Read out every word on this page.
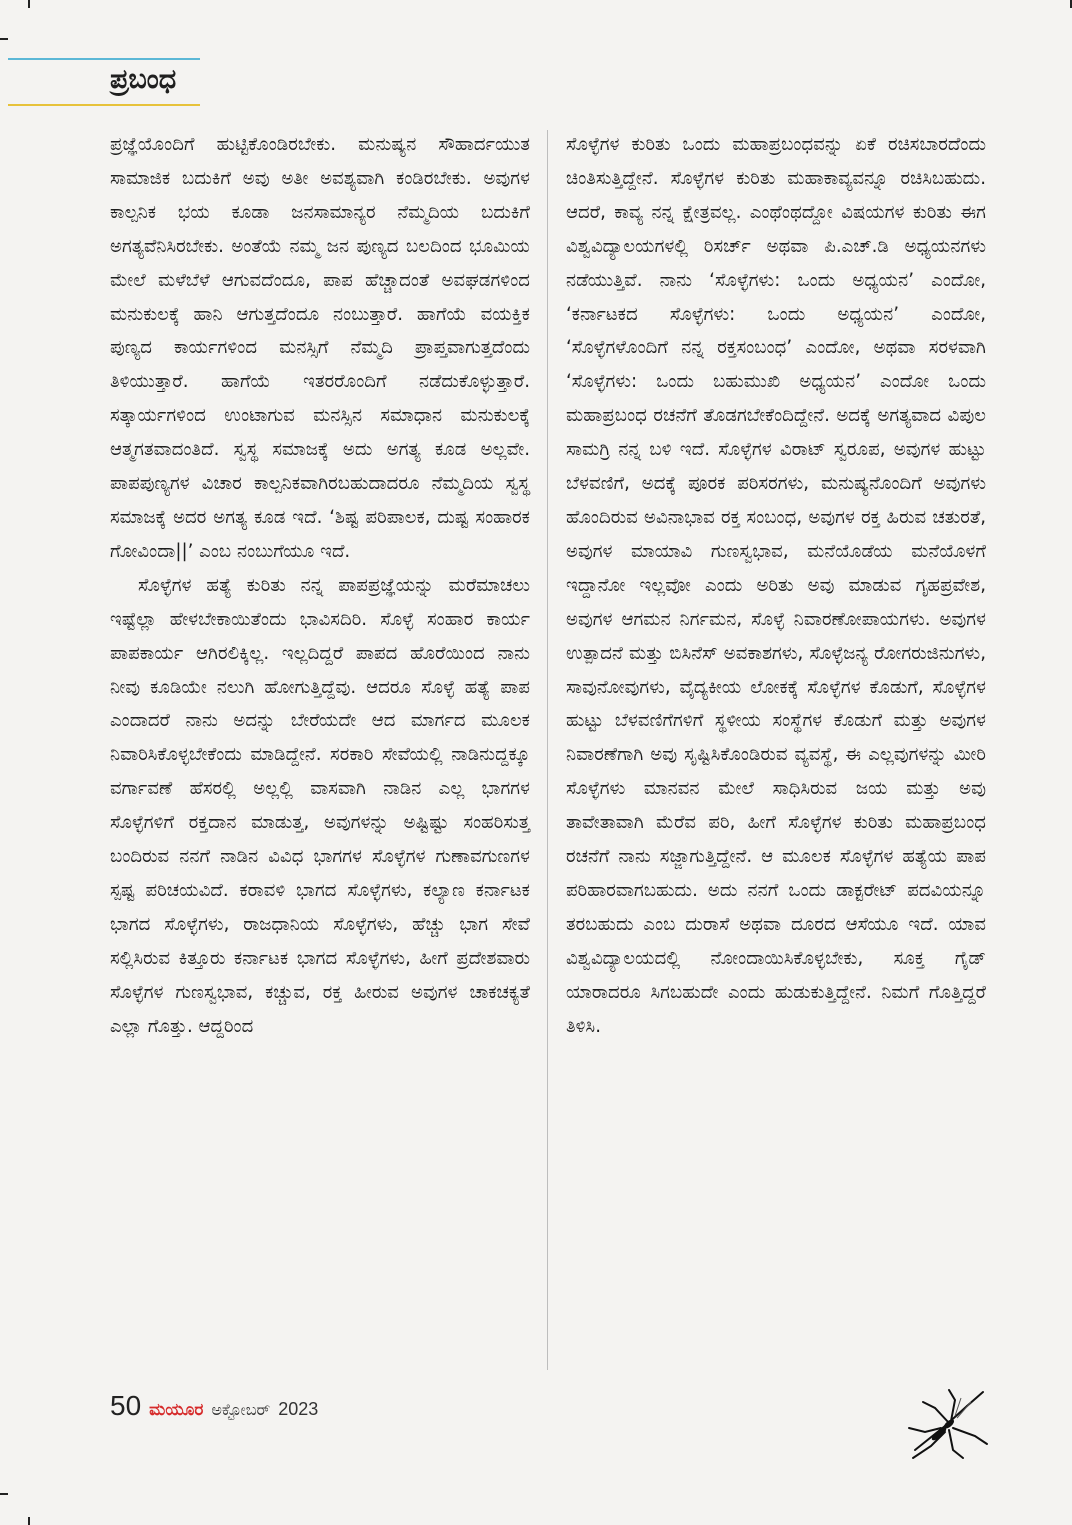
ಪ್ರಬಂಧ

ಪ್ರಜ್ಞೆಯೊಂದಿಗೆ ಹುಟ್ಟಿಕೊಂಡಿರಬೇಕು. ಮನುಷ್ಯನ ಸೌಹಾರ್ದಯುತ ಸಾಮಾಜಿಕ ಬದುಕಿಗೆ ಅವು ಅತೀ ಅವಶ್ಯವಾಗಿ ಕಂಡಿರಬೇಕು. ಅವುಗಳ ಕಾಲ್ಪನಿಕ ಭಯ ಕೂಡಾ ಜನಸಾಮಾನ್ಯರ ನೆಮ್ಮದಿಯ ಬದುಕಿಗೆ ಅಗತ್ಯವೆನಿಸಿರಬೇಕು. ಅಂತೆಯೆ ನಮ್ಮ ಜನ ಪುಣ್ಯದ ಬಲದಿಂದ ಭೂಮಿಯ ಮೇಲೆ ಮಳೆಬೆಳೆ ಆಗುವದೆಂದೂ, ಪಾಪ ಹೆಚ್ಚಾದಂತೆ ಅವಘಡಗಳಿಂದ ಮನುಕುಲಕ್ಕೆ ಹಾನಿ ಆಗುತ್ತದೆಂದೂ ನಂಬುತ್ತಾರೆ. ಹಾಗೆಯೆ ವಯಕ್ತಿಕ ಪುಣ್ಯದ ಕಾರ್ಯಗಳಿಂದ ಮನಸ್ಸಿಗೆ ನೆಮ್ಮದಿ ಪ್ರಾಪ್ತವಾಗುತ್ತದೆಂದು ತಿಳಿಯುತ್ತಾರೆ. ಹಾಗೆಯೆ ಇತರರೊಂದಿಗೆ ನಡೆದುಕೊಳ್ಳುತ್ತಾರೆ. ಸತ್ಕಾರ್ಯಗಳಿಂದ ಉಂಟಾಗುವ ಮನಸ್ಸಿನ ಸಮಾಧಾನ ಮನುಕುಲಕ್ಕೆ ಆತ್ಮಗತವಾದಂತಿದೆ. ಸ್ವಸ್ಥ ಸಮಾಜಕ್ಕೆ ಅದು ಅಗತ್ಯ ಕೂಡ ಅಲ್ಲವೇ. ಪಾಪಪುಣ್ಯಗಳ ವಿಚಾರ ಕಾಲ್ಪನಿಕವಾಗಿರಬಹುದಾದರೂ ನೆಮ್ಮದಿಯ ಸ್ವಸ್ಥ ಸಮಾಜಕ್ಕೆ ಅದರ ಅಗತ್ಯ ಕೂಡ ಇದೆ. ‘ಶಿಷ್ಟ ಪರಿಪಾಲಕ, ದುಷ್ಟ ಸಂಹಾರಕ ಗೋವಿಂದಾ||’ ಎಂಬ ನಂಬುಗೆಯೂ ಇದೆ.

ಸೊಳ್ಳೆಗಳ ಹತ್ಯೆ ಕುರಿತು ನನ್ನ ಪಾಪಪ್ರಜ್ಞೆಯನ್ನು ಮರೆಮಾಚಲು ಇಷ್ಟೆಲ್ಲಾ ಹೇಳಬೇಕಾಯಿತೆಂದು ಭಾವಿಸದಿರಿ. ಸೊಳ್ಳೆ ಸಂಹಾರ ಕಾರ್ಯ ಪಾಪಕಾರ್ಯ ಆಗಿರಲಿಕ್ಕಿಲ್ಲ. ಇಲ್ಲದಿದ್ದರೆ ಪಾಪದ ಹೊರೆಯಿಂದ ನಾನು ನೀವು ಕೂಡಿಯೇ ನಲುಗಿ ಹೋಗುತ್ತಿದ್ದೆವು. ಆದರೂ ಸೊಳ್ಳೆ ಹತ್ಯೆ ಪಾಪ ಎಂದಾದರೆ ನಾನು ಅದನ್ನು ಬೇರೆಯದೇ ಆದ ಮಾರ್ಗದ ಮೂಲಕ ನಿವಾರಿಸಿಕೊಳ್ಳಬೇಕೆಂದು ಮಾಡಿದ್ದೇನೆ. ಸರಕಾರಿ ಸೇವೆಯಲ್ಲಿ ನಾಡಿನುದ್ದಕ್ಕೂ ವರ್ಗಾವಣೆ ಹೆಸರಲ್ಲಿ ಅಲ್ಲಲ್ಲಿ ವಾಸವಾಗಿ ನಾಡಿನ ಎಲ್ಲ ಭಾಗಗಳ ಸೊಳ್ಳೆಗಳಿಗೆ ರಕ್ತದಾನ ಮಾಡುತ್ತ, ಅವುಗಳನ್ನು ಅಷ್ಟಿಷ್ಟು ಸಂಹರಿಸುತ್ತ ಬಂದಿರುವ ನನಗೆ ನಾಡಿನ ವಿವಿಧ ಭಾಗಗಳ ಸೊಳ್ಳೆಗಳ ಗುಣಾವಗುಣಗಳ ಸ್ಪಷ್ಟ ಪರಿಚಯವಿದೆ. ಕರಾವಳಿ ಭಾಗದ ಸೊಳ್ಳೆಗಳು, ಕಲ್ಯಾಣ ಕರ್ನಾಟಕ ಭಾಗದ ಸೊಳ್ಳೆಗಳು, ರಾಜಧಾನಿಯ ಸೊಳ್ಳೆಗಳು, ಹೆಚ್ಚು ಭಾಗ ಸೇವೆ ಸಲ್ಲಿಸಿರುವ ಕಿತ್ತೂರು ಕರ್ನಾಟಕ ಭಾಗದ ಸೊಳ್ಳೆಗಳು, ಹೀಗೆ ಪ್ರದೇಶವಾರು ಸೊಳ್ಳೆಗಳ ಗುಣಸ್ವಭಾವ, ಕಚ್ಚುವ, ರಕ್ತ ಹೀರುವ ಅವುಗಳ ಚಾಕಚಕ್ಯತೆ ಎಲ್ಲಾ ಗೊತ್ತು. ಆದ್ದರಿಂದ

ಸೊಳ್ಳೆಗಳ ಕುರಿತು ಒಂದು ಮಹಾಪ್ರಬಂಧವನ್ನು ಏಕೆ ರಚಿಸಬಾರದೆಂದು ಚಿಂತಿಸುತ್ತಿದ್ದೇನೆ. ಸೊಳ್ಳೆಗಳ ಕುರಿತು ಮಹಾಕಾವ್ಯವನ್ನೂ ರಚಿಸಿಬಹುದು. ಆದರೆ, ಕಾವ್ಯ ನನ್ನ ಕ್ಷೇತ್ರವಲ್ಲ. ಎಂಥೆಂಥದ್ದೋ ವಿಷಯಗಳ ಕುರಿತು ಈಗ ವಿಶ್ವವಿದ್ಯಾಲಯಗಳಲ್ಲಿ ರಿಸರ್ಚ್ ಅಥವಾ ಪಿ.ಎಚ್.ಡಿ ಅಧ್ಯಯನಗಳು ನಡೆಯುತ್ತಿವೆ. ನಾನು ‘ಸೊಳ್ಳೆಗಳು: ಒಂದು ಅಧ್ಯಯನ’ ಎಂದೋ, ‘ಕರ್ನಾಟಕದ ಸೊಳ್ಳೆಗಳು: ಒಂದು ಅಧ್ಯಯನ’ ಎಂದೋ, ‘ಸೊಳ್ಳೆಗಳೊಂದಿಗೆ ನನ್ನ ರಕ್ತಸಂಬಂಧ’ ಎಂದೋ, ಅಥವಾ ಸರಳವಾಗಿ ‘ಸೊಳ್ಳೆಗಳು: ಒಂದು ಬಹುಮುಖಿ ಅಧ್ಯಯನ’ ಎಂದೋ ಒಂದು ಮಹಾಪ್ರಬಂಧ ರಚನೆಗೆ ತೊಡಗಬೇಕೆಂದಿದ್ದೇನೆ. ಅದಕ್ಕೆ ಅಗತ್ಯವಾದ ವಿಪುಲ ಸಾಮಗ್ರಿ ನನ್ನ ಬಳಿ ಇದೆ. ಸೊಳ್ಳೆಗಳ ವಿರಾಟ್ ಸ್ವರೂಪ, ಅವುಗಳ ಹುಟ್ಟು ಬೆಳವಣಿಗೆ, ಅದಕ್ಕೆ ಪೂರಕ ಪರಿಸರಗಳು, ಮನುಷ್ಯನೊಂದಿಗೆ ಅವುಗಳು ಹೊಂದಿರುವ ಅವಿನಾಭಾವ ರಕ್ತ ಸಂಬಂಧ, ಅವುಗಳ ರಕ್ತ ಹಿರುವ ಚತುರತೆ, ಅವುಗಳ ಮಾಯಾವಿ ಗುಣಸ್ವಭಾವ, ಮನೆಯೊಡೆಯ ಮನೆಯೊಳಗೆ ಇದ್ದಾನೋ ಇಲ್ಲವೋ ಎಂದು ಅರಿತು ಅವು ಮಾಡುವ ಗೃಹಪ್ರವೇಶ, ಅವುಗಳ ಆಗಮನ ನಿರ್ಗಮನ, ಸೊಳ್ಳೆ ನಿವಾರಣೋಪಾಯಗಳು. ಅವುಗಳ ಉತ್ಪಾದನೆ ಮತ್ತು ಬಿಸಿನೆಸ್ ಅವಕಾಶಗಳು, ಸೊಳ್ಳೆಜನ್ಯ ರೋಗರುಜಿನುಗಳು, ಸಾವುನೋವುಗಳು, ವೈದ್ಯಕೀಯ ಲೋಕಕ್ಕೆ ಸೊಳ್ಳೆಗಳ ಕೊಡುಗೆ, ಸೊಳ್ಳೆಗಳ ಹುಟ್ಟು ಬೆಳವಣಿಗೆಗಳಿಗೆ ಸ್ಥಳೀಯ ಸಂಸ್ಥೆಗಳ ಕೊಡುಗೆ ಮತ್ತು ಅವುಗಳ ನಿವಾರಣೆಗಾಗಿ ಅವು ಸೃಷ್ಟಿಸಿಕೊಂಡಿರುವ ವ್ಯವಸ್ಥೆ, ಈ ಎಲ್ಲವುಗಳನ್ನು ಮೀರಿ ಸೊಳ್ಳೆಗಳು ಮಾನವನ ಮೇಲೆ ಸಾಧಿಸಿರುವ ಜಯ ಮತ್ತು ಅವು ತಾವೇತಾವಾಗಿ ಮೆರೆವ ಪರಿ, ಹೀಗೆ ಸೊಳ್ಳೆಗಳ ಕುರಿತು ಮಹಾಪ್ರಬಂಧ ರಚನೆಗೆ ನಾನು ಸಜ್ಜಾಗುತ್ತಿದ್ದೇನೆ. ಆ ಮೂಲಕ ಸೊಳ್ಳೆಗಳ ಹತ್ಯೆಯ ಪಾಪ ಪರಿಹಾರವಾಗಬಹುದು. ಅದು ನನಗೆ ಒಂದು ಡಾಕ್ಟರೇಟ್ ಪದವಿಯನ್ನೂ ತರಬಹುದು ಎಂಬ ದುರಾಸೆ ಅಥವಾ ದೂರದ ಆಸೆಯೂ ಇದೆ. ಯಾವ ವಿಶ್ವವಿದ್ಯಾಲಯದಲ್ಲಿ ನೋಂದಾಯಿಸಿಕೊಳ್ಳಬೇಕು, ಸೂಕ್ತ ಗೈಡ್ ಯಾರಾದರೂ ಸಿಗಬಹುದೇ ಎಂದು ಹುಡುಕುತ್ತಿದ್ದೇನೆ. ನಿಮಗೆ ಗೊತ್ತಿದ್ದರೆ ತಿಳಿಸಿ.

50 ಮಯೂರ ಅಕ್ಟೋಬರ್ 2023
